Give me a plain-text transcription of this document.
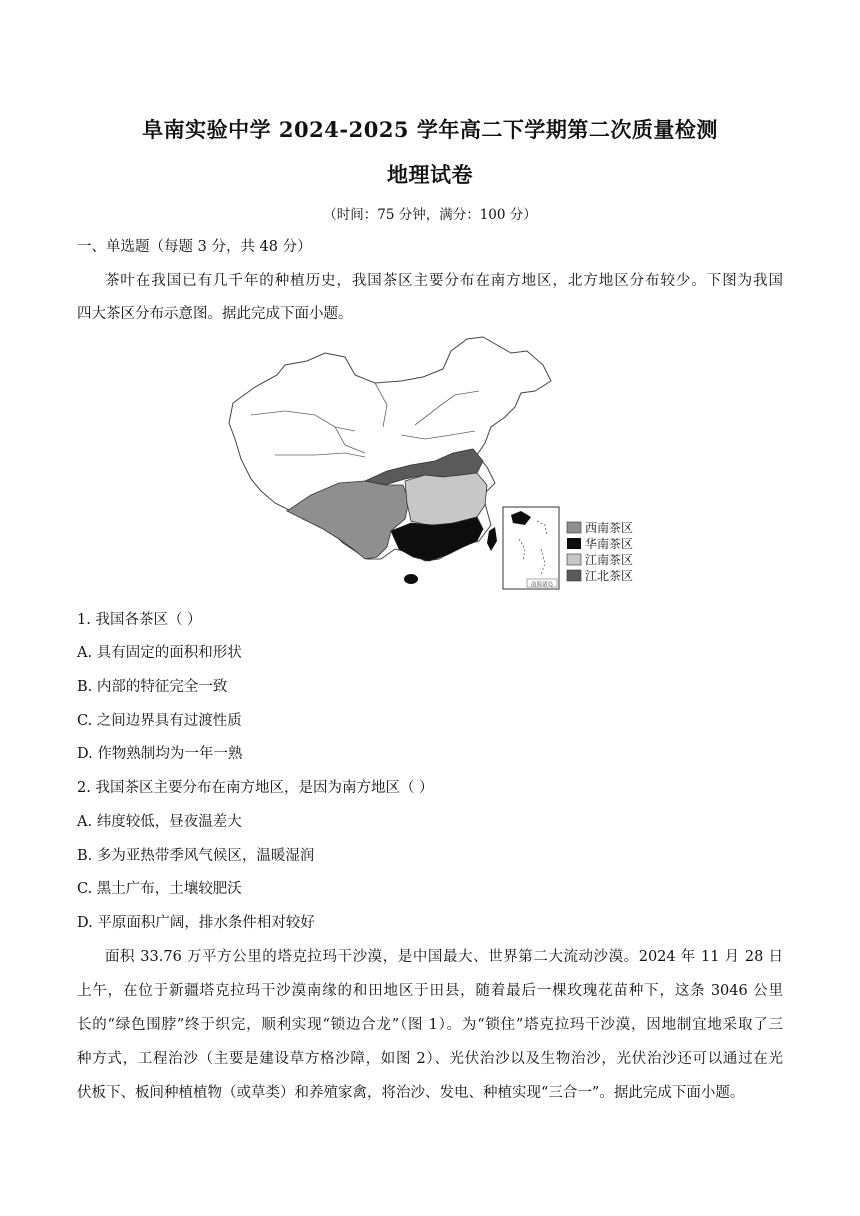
阜南实验中学 2024-2025 学年高二下学期第二次质量检测
地理试卷
（时间：75 分钟，满分：100 分）
一、单选题（每题 3 分，共 48 分）
茶叶在我国已有几千年的种植历史，我国茶区主要分布在南方地区，北方地区分布较少。下图为我国
四大茶区分布示意图。据此完成下面小题。
南海诸岛
西南茶区
华南茶区
江南茶区
江北茶区
1. 我国各茶区（ ）
A. 具有固定的面积和形状
B. 内部的特征完全一致
C. 之间边界具有过渡性质
D. 作物熟制均为一年一熟
2. 我国茶区主要分布在南方地区，是因为南方地区（ ）
A. 纬度较低，昼夜温差大
B. 多为亚热带季风气候区，温暖湿润
C. 黑土广布，土壤较肥沃
D. 平原面积广阔，排水条件相对较好
面积 33.76 万平方公里的塔克拉玛干沙漠，是中国最大、世界第二大流动沙漠。2024 年 11 月 28 日
上午，在位于新疆塔克拉玛干沙漠南缘的和田地区于田县，随着最后一棵玫瑰花苗种下，这条 3046 公里
长的“绿色围脖”终于织完，顺利实现“锁边合龙”（图 1）。为“锁住”塔克拉玛干沙漠，因地制宜地采取了三
种方式，工程治沙（主要是建设草方格沙障，如图 2）、光伏治沙以及生物治沙，光伏治沙还可以通过在光
伏板下、板间种植植物（或草类）和养殖家禽，将治沙、发电、种植实现“三合一”。据此完成下面小题。
